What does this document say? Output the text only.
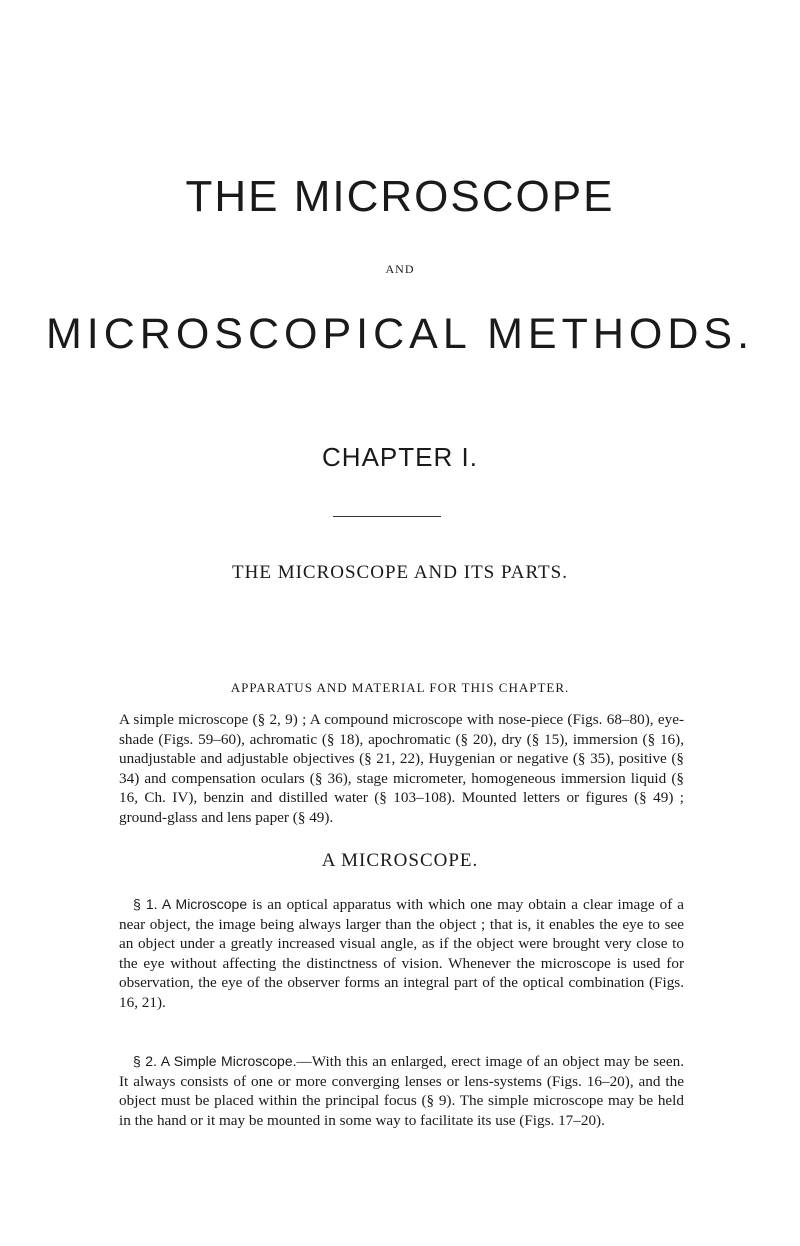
THE MICROSCOPE
AND
MICROSCOPICAL METHODS.
CHAPTER I.
THE MICROSCOPE AND ITS PARTS.
APPARATUS AND MATERIAL FOR THIS CHAPTER.

A simple microscope (§ 2, 9) ; A compound microscope with nose-piece (Figs. 68–80), eye-shade (Figs. 59–60), achromatic (§ 18), apochromatic (§ 20), dry (§ 15), immersion (§ 16), unadjustable and adjustable objectives (§ 21, 22), Huygenian or negative (§ 35), positive (§ 34) and compensation oculars (§ 36), stage micrometer, homogeneous immersion liquid (§ 16, Ch. IV), benzin and distilled water (§ 103–108). Mounted letters or figures (§ 49) ; ground-glass and lens paper (§ 49).

A MICROSCOPE.

§ 1. A Microscope is an optical apparatus with which one may obtain a clear image of a near object, the image being always larger than the object ; that is, it enables the eye to see an object under a greatly increased visual angle, as if the object were brought very close to the eye without affecting the distinctness of vision. Whenever the microscope is used for observation, the eye of the observer forms an integral part of the optical combination (Figs. 16, 21).

§ 2. A Simple Microscope.—With this an enlarged, erect image of an object may be seen. It always consists of one or more converging lenses or lens-systems (Figs. 16–20), and the object must be placed within the principal focus (§ 9). The simple microscope may be held in the hand or it may be mounted in some way to facilitate its use (Figs. 17–20).
